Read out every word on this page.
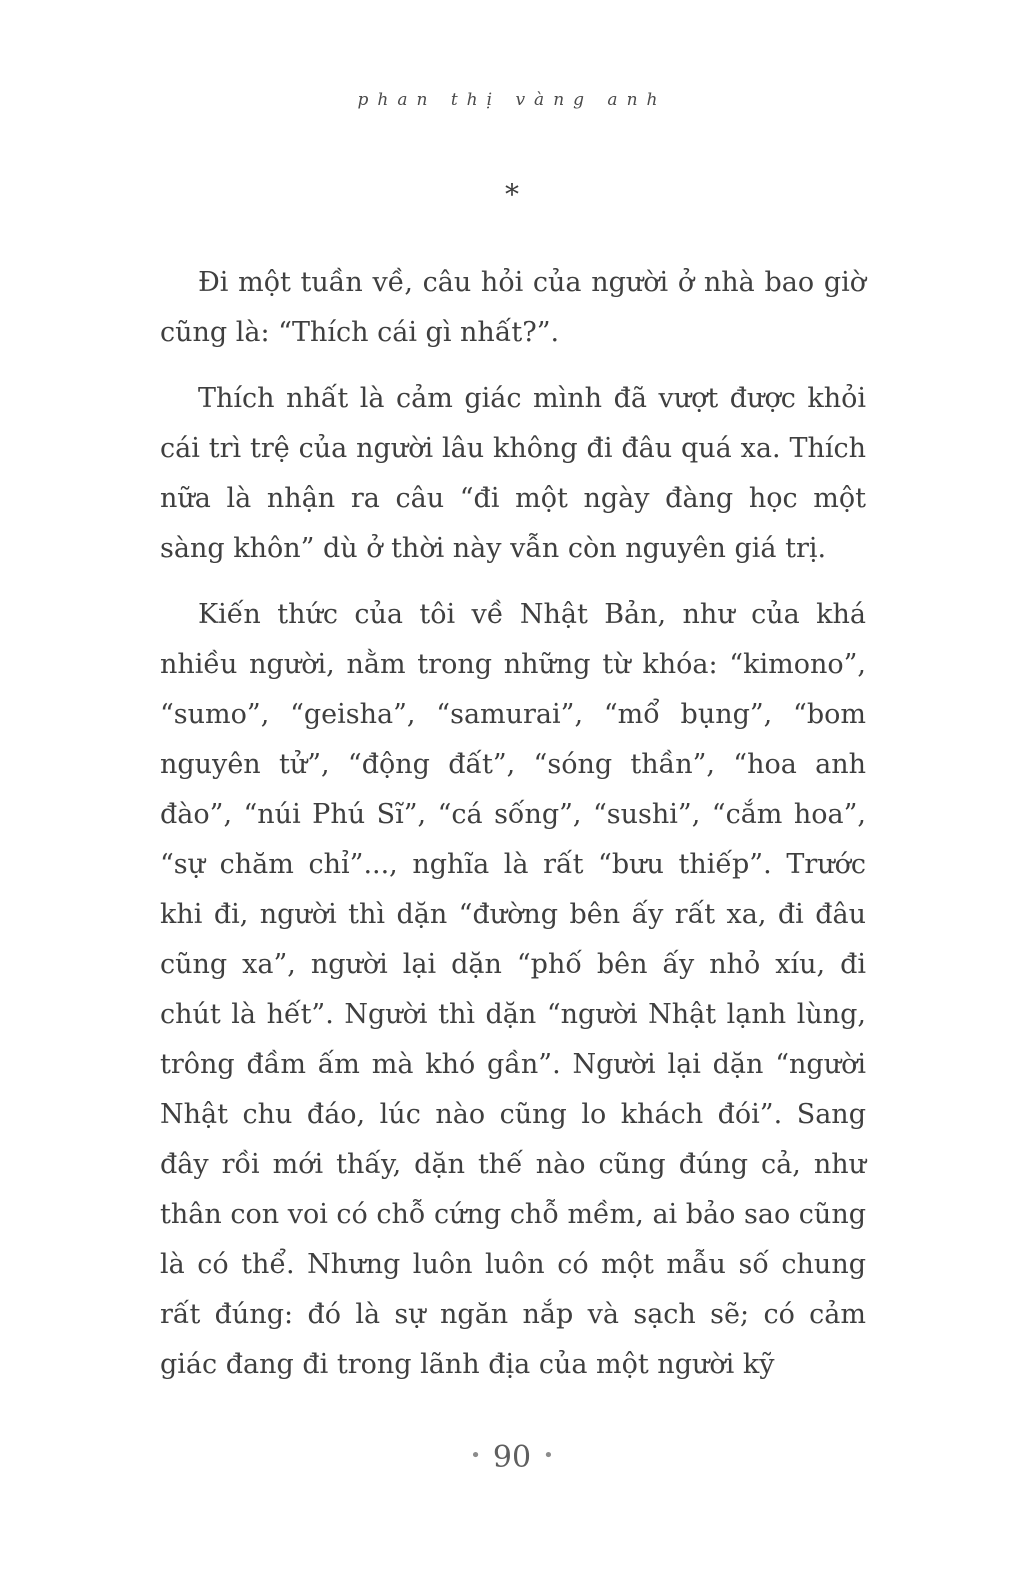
phan thị vàng anh
*

Đi một tuần về, câu hỏi của người ở nhà bao giờ cũng là: “Thích cái gì nhất?”.

Thích nhất là cảm giác mình đã vượt được khỏi cái trì trệ của người lâu không đi đâu quá xa. Thích nữa là nhận ra câu “đi một ngày đàng học một sàng khôn” dù ở thời này vẫn còn nguyên giá trị.

Kiến thức của tôi về Nhật Bản, như của khá nhiều người, nằm trong những từ khóa: “kimono”, “sumo”, “geisha”, “samurai”, “mổ bụng”, “bom nguyên tử”, “động đất”, “sóng thần”, “hoa anh đào”, “núi Phú Sĩ”, “cá sống”, “sushi”, “cắm hoa”, “sự chăm chỉ”..., nghĩa là rất “bưu thiếp”. Trước khi đi, người thì dặn “đường bên ấy rất xa, đi đâu cũng xa”, người lại dặn “phố bên ấy nhỏ xíu, đi chút là hết”. Người thì dặn “người Nhật lạnh lùng, trông đầm ấm mà khó gần”. Người lại dặn “người Nhật chu đáo, lúc nào cũng lo khách đói”. Sang đây rồi mới thấy, dặn thế nào cũng đúng cả, như thân con voi có chỗ cứng chỗ mềm, ai bảo sao cũng là có thể. Nhưng luôn luôn có một mẫu số chung rất đúng: đó là sự ngăn nắp và sạch sẽ; có cảm giác đang đi trong lãnh địa của một người kỹ

• 90 •
